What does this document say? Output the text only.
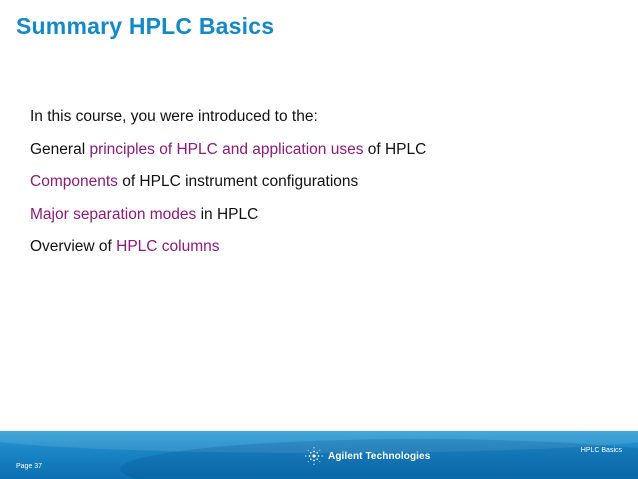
Summary HPLC Basics
In this course, you were introduced to the:
General principles of HPLC and application uses of HPLC
Components of HPLC instrument configurations
Major separation modes in HPLC
Overview of HPLC columns
Page 37
Agilent Technologies	HPLC Basics
